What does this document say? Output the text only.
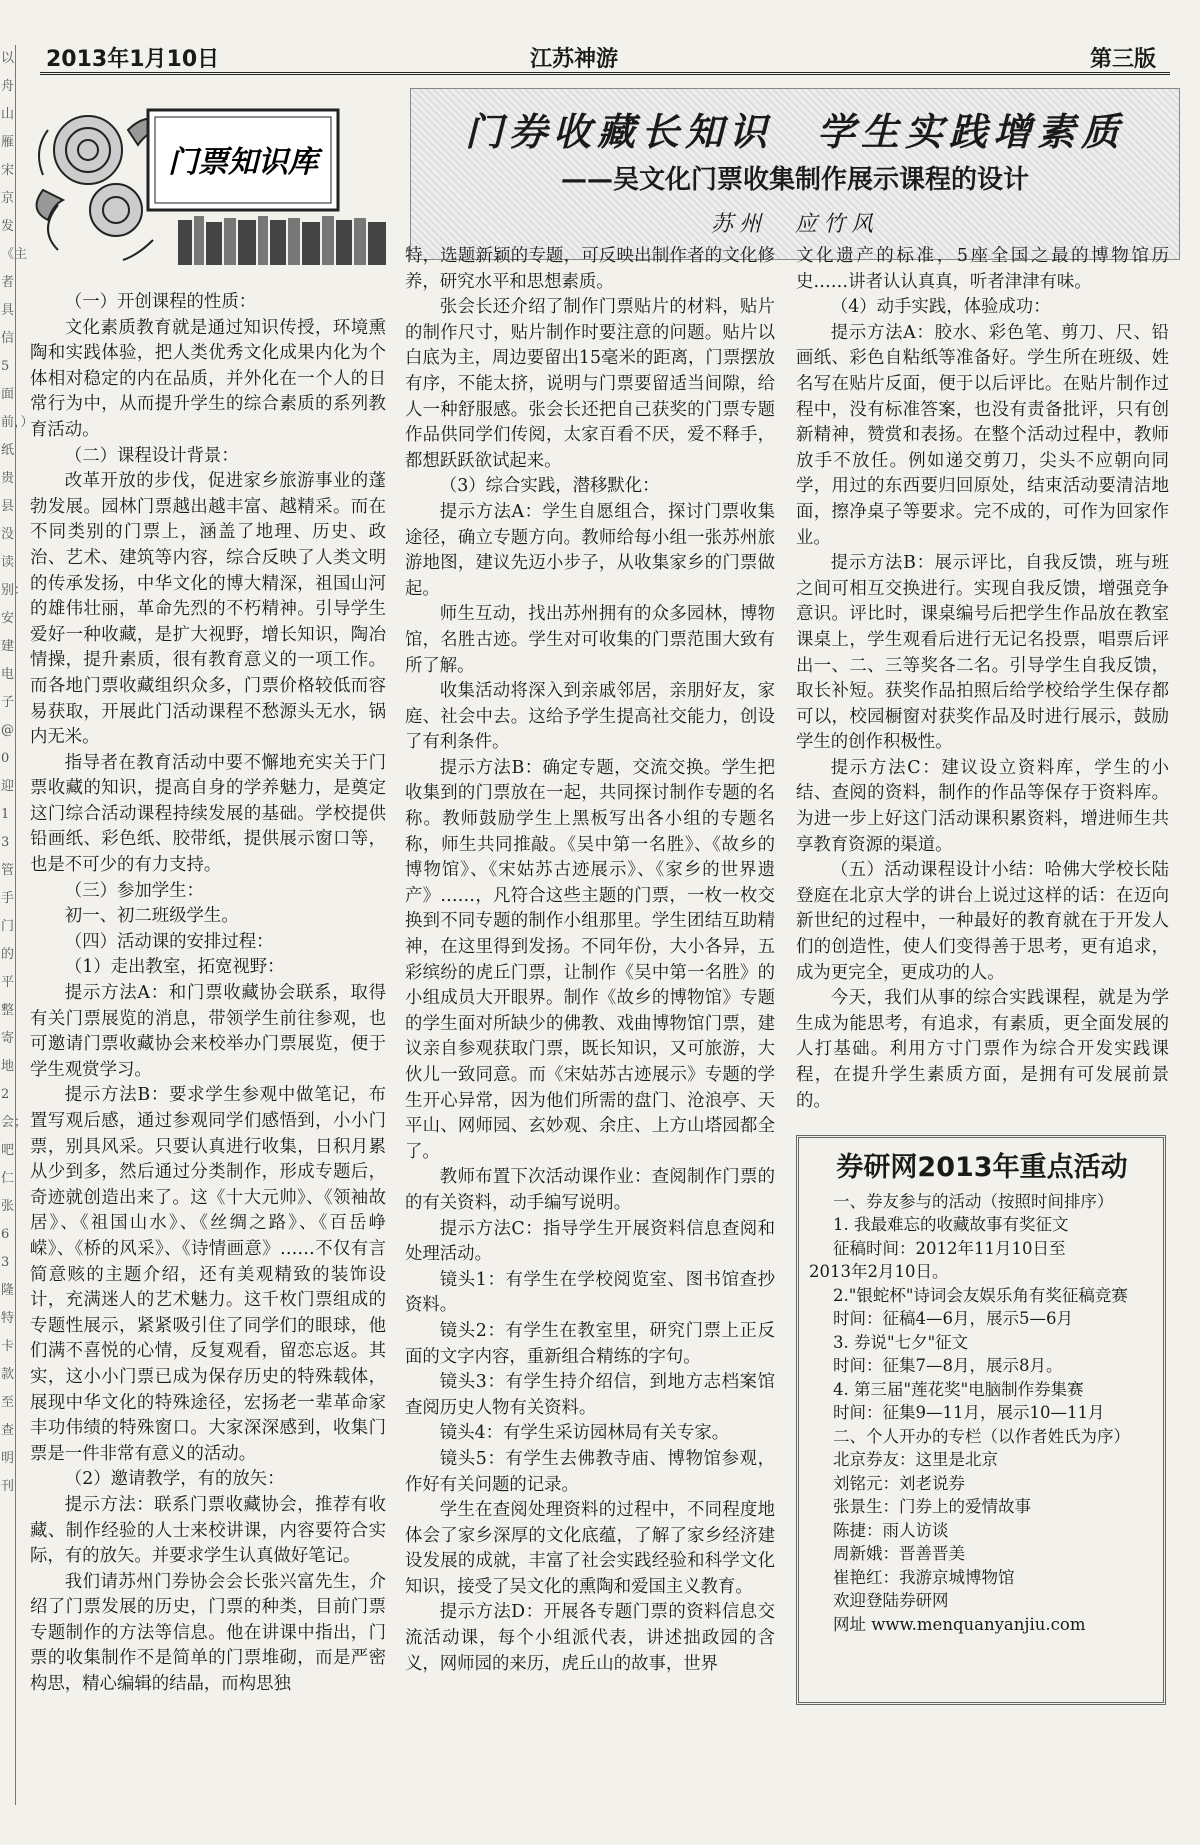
以舟山雁宋京发《主者具信5面前，）纸贵县没读别：安建电子@0迎13管手门的平整寄地2会；吧仁张63隆特卡款至查明刊
2013年1月10日	江苏神游	第三版
门票知识库
门券收藏长知识　学生实践增素质
——吴文化门票收集制作展示课程的设计
苏州　应竹风

（一）开创课程的性质：

文化素质教育就是通过知识传授，环境熏陶和实践体验，把人类优秀文化成果内化为个体相对稳定的内在品质，并外化在一个人的日常行为中，从而提升学生的综合素质的系列教育活动。

（二）课程设计背景：

改革开放的步伐，促进家乡旅游事业的蓬勃发展。园林门票越出越丰富、越精采。而在不同类别的门票上，涵盖了地理、历史、政治、艺术、建筑等内容，综合反映了人类文明的传承发扬，中华文化的博大精深，祖国山河的雄伟壮丽，革命先烈的不朽精神。引导学生爱好一种收藏，是扩大视野，增长知识，陶冶情操，提升素质，很有教育意义的一项工作。而各地门票收藏组织众多，门票价格较低而容易获取，开展此门活动课程不愁源头无水，锅内无米。

指导者在教育活动中要不懈地充实关于门票收藏的知识，提高自身的学养魅力，是奠定这门综合活动课程持续发展的基础。学校提供铅画纸、彩色纸、胶带纸，提供展示窗口等，也是不可少的有力支持。

（三）参加学生：

初一、初二班级学生。

（四）活动课的安排过程：

（1）走出教室，拓宽视野：

提示方法A：和门票收藏协会联系，取得有关门票展览的消息，带领学生前往参观，也可邀请门票收藏协会来校举办门票展览，便于学生观赏学习。

提示方法B：要求学生参观中做笔记，布置写观后感，通过参观同学们感悟到，小小门票，别具风采。只要认真进行收集，日积月累从少到多，然后通过分类制作，形成专题后，奇迹就创造出来了。这《十大元帅》、《领袖故居》、《祖国山水》、《丝绸之路》、《百岳峥嵘》、《桥的风采》、《诗情画意》……不仅有言简意赅的主题介绍，还有美观精致的装饰设计，充满迷人的艺术魅力。这千枚门票组成的专题性展示，紧紧吸引住了同学们的眼球，他们满不喜悦的心情，反复观看，留恋忘返。其实，这小小门票已成为保存历史的特殊载体，展现中华文化的特殊途径，宏扬老一辈革命家丰功伟绩的特殊窗口。大家深深感到，收集门票是一件非常有意义的活动。

（2）邀请教学，有的放矢：

提示方法：联系门票收藏协会，推荐有收藏、制作经验的人士来校讲课，内容要符合实际，有的放矢。并要求学生认真做好笔记。

我们请苏州门券协会会长张兴富先生，介绍了门票发展的历史，门票的种类，目前门票专题制作的方法等信息。他在讲课中指出，门票的收集制作不是简单的门票堆砌，而是严密构思，精心编辑的结晶，而构思独

特，选题新颖的专题，可反映出制作者的文化修养，研究水平和思想素质。

张会长还介绍了制作门票贴片的材料，贴片的制作尺寸，贴片制作时要注意的问题。贴片以白底为主，周边要留出15毫米的距离，门票摆放有序，不能太挤，说明与门票要留适当间隙，给人一种舒服感。张会长还把自己获奖的门票专题作品供同学们传阅，太家百看不厌，爱不释手，都想跃跃欲试起来。

（3）综合实践，潜移默化：

提示方法A：学生自愿组合，探讨门票收集途径，确立专题方向。教师给每小组一张苏州旅游地图，建议先迈小步子，从收集家乡的门票做起。

师生互动，找出苏州拥有的众多园林，博物馆，名胜古迹。学生对可收集的门票范围大致有所了解。

收集活动将深入到亲戚邻居，亲朋好友，家庭、社会中去。这给予学生提高社交能力，创设了有利条件。

提示方法B：确定专题，交流交换。学生把收集到的门票放在一起，共同探讨制作专题的名称。教师鼓励学生上黑板写出各小组的专题名称，师生共同推敲。《吴中第一名胜》、《故乡的博物馆》、《宋姑苏古迹展示》、《家乡的世界遗产》……，凡符合这些主题的门票，一枚一枚交换到不同专题的制作小组那里。学生团结互助精神，在这里得到发扬。不同年份，大小各异，五彩缤纷的虎丘门票，让制作《吴中第一名胜》的小组成员大开眼界。制作《故乡的博物馆》专题的学生面对所缺少的佛教、戏曲博物馆门票，建议亲自参观获取门票，既长知识，又可旅游，大伙儿一致同意。而《宋姑苏古迹展示》专题的学生开心异常，因为他们所需的盘门、沧浪亭、天平山、网师园、玄妙观、余庄、上方山塔园都全了。

教师布置下次活动课作业：查阅制作门票的的有关资料，动手编写说明。

提示方法C：指导学生开展资料信息查阅和处理活动。

镜头1：有学生在学校阅览室、图书馆查抄资料。

镜头2：有学生在教室里，研究门票上正反面的文字内容，重新组合精练的字句。

镜头3：有学生持介绍信，到地方志档案馆查阅历史人物有关资料。

镜头4：有学生采访园林局有关专家。

镜头5：有学生去佛教寺庙、博物馆参观，作好有关问题的记录。

学生在查阅处理资料的过程中，不同程度地体会了家乡深厚的文化底蕴，了解了家乡经济建设发展的成就，丰富了社会实践经验和科学文化知识，接受了吴文化的熏陶和爱国主义教育。

提示方法D：开展各专题门票的资料信息交流活动课，每个小组派代表，讲述拙政园的含义，网师园的来历，虎丘山的故事，世界

文化遗产的标准，5座全国之最的博物馆历史……讲者认认真真，听者津津有味。

（4）动手实践，体验成功：

提示方法A：胶水、彩色笔、剪刀、尺、铅画纸、彩色自粘纸等准备好。学生所在班级、姓名写在贴片反面，便于以后评比。在贴片制作过程中，没有标准答案，也没有责备批评，只有创新精神，赞赏和表扬。在整个活动过程中，教师放手不放任。例如递交剪刀，尖头不应朝向同学，用过的东西要归回原处，结束活动要清洁地面，擦净桌子等要求。完不成的，可作为回家作业。

提示方法B：展示评比，自我反馈，班与班之间可相互交换进行。实现自我反馈，增强竞争意识。评比时，课桌编号后把学生作品放在教室课桌上，学生观看后进行无记名投票，唱票后评出一、二、三等奖各二名。引导学生自我反馈，取长补短。获奖作品拍照后给学校给学生保存都可以，校园橱窗对获奖作品及时进行展示，鼓励学生的创作积极性。

提示方法C：建议设立资料库，学生的小结、查阅的资料，制作的作品等保存于资料库。为进一步上好这门活动课积累资料，增进师生共享教育资源的渠道。

（五）活动课程设计小结：哈佛大学校长陆登庭在北京大学的讲台上说过这样的话：在迈向新世纪的过程中，一种最好的教育就在于开发人们的创造性，使人们变得善于思考，更有追求，成为更完全，更成功的人。

今天，我们从事的综合实践课程，就是为学生成为能思考，有追求，有素质，更全面发展的人打基础。利用方寸门票作为综合开发实践课程，在提升学生素质方面，是拥有可发展前景的。

券研网2013年重点活动

一、券友参与的活动（按照时间排序）

1. 我最难忘的收藏故事有奖征文

征稿时间：2012年11月10日至

2013年2月10日。

2."银蛇杯"诗词会友娱乐角有奖征稿竞赛

时间：征稿4—6月，展示5—6月

3. 券说"七夕"征文

时间：征集7—8月，展示8月。

4. 第三届"莲花奖"电脑制作券集赛

时间：征集9—11月，展示10—11月

二、个人开办的专栏（以作者姓氏为序）

北京券友：这里是北京

刘铭元：刘老说券

张景生：门券上的爱情故事

陈捷：雨人访谈

周新娥：晋善晋美

崔艳红：我游京城博物馆

欢迎登陆券研网

网址 www.menquanyanjiu.com
